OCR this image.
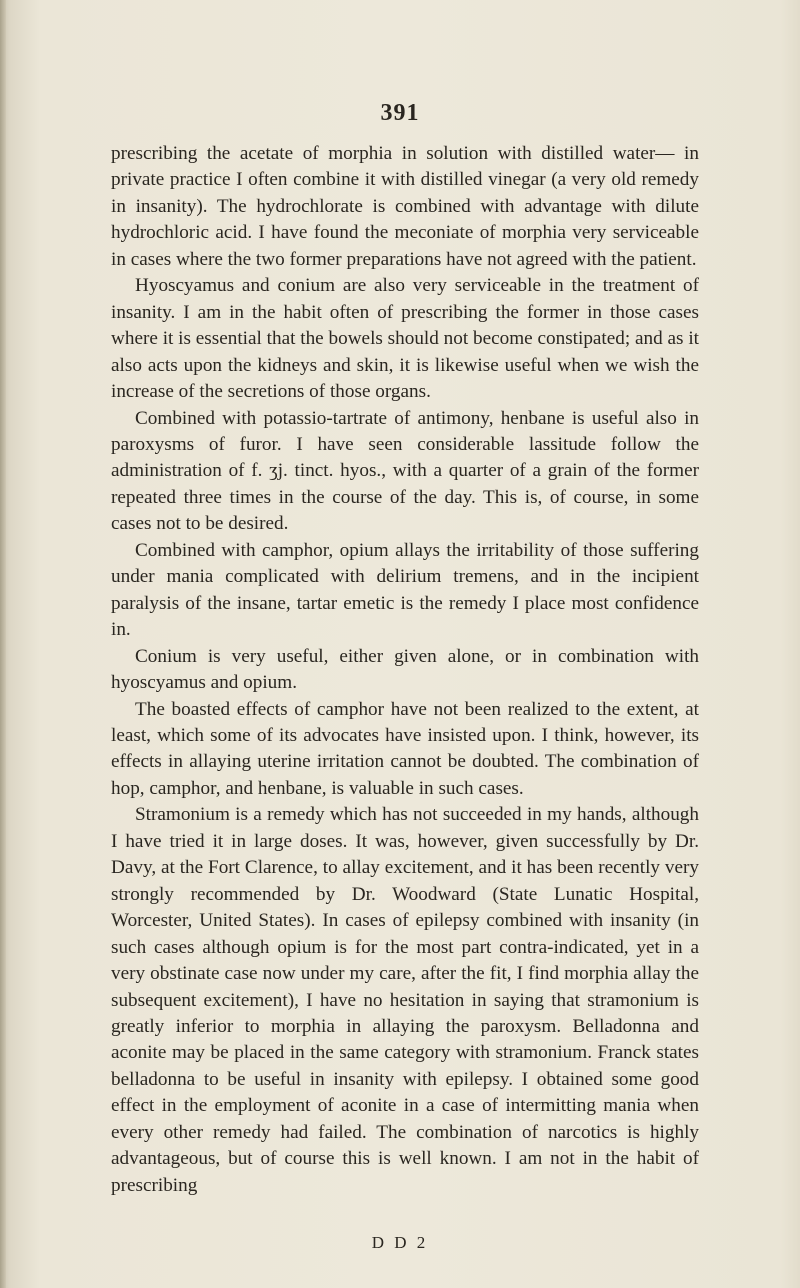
391

prescribing the acetate of morphia in solution with distilled water— in private practice I often combine it with distilled vinegar (a very old remedy in insanity). The hydrochlorate is combined with advantage with dilute hydrochloric acid. I have found the meconiate of morphia very serviceable in cases where the two former preparations have not agreed with the patient.

Hyoscyamus and conium are also very serviceable in the treatment of insanity. I am in the habit often of prescribing the former in those cases where it is essential that the bowels should not become constipated; and as it also acts upon the kidneys and skin, it is likewise useful when we wish the increase of the secretions of those organs.

Combined with potassio-tartrate of antimony, henbane is useful also in paroxysms of furor. I have seen considerable lassitude follow the administration of f. ʒj. tinct. hyos., with a quarter of a grain of the former repeated three times in the course of the day. This is, of course, in some cases not to be desired.

Combined with camphor, opium allays the irritability of those suffering under mania complicated with delirium tremens, and in the incipient paralysis of the insane, tartar emetic is the remedy I place most confidence in.

Conium is very useful, either given alone, or in combination with hyoscyamus and opium.

The boasted effects of camphor have not been realized to the extent, at least, which some of its advocates have insisted upon. I think, however, its effects in allaying uterine irritation cannot be doubted. The combination of hop, camphor, and henbane, is valuable in such cases.

Stramonium is a remedy which has not succeeded in my hands, although I have tried it in large doses. It was, however, given successfully by Dr. Davy, at the Fort Clarence, to allay excitement, and it has been recently very strongly recommended by Dr. Woodward (State Lunatic Hospital, Worcester, United States). In cases of epilepsy combined with insanity (in such cases although opium is for the most part contra-indicated, yet in a very obstinate case now under my care, after the fit, I find morphia allay the subsequent excitement), I have no hesitation in saying that stramonium is greatly inferior to morphia in allaying the paroxysm. Belladonna and aconite may be placed in the same category with stramonium. Franck states belladonna to be useful in insanity with epilepsy. I obtained some good effect in the employment of aconite in a case of intermitting mania when every other remedy had failed. The combination of narcotics is highly advantageous, but of course this is well known. I am not in the habit of prescribing

D D 2
